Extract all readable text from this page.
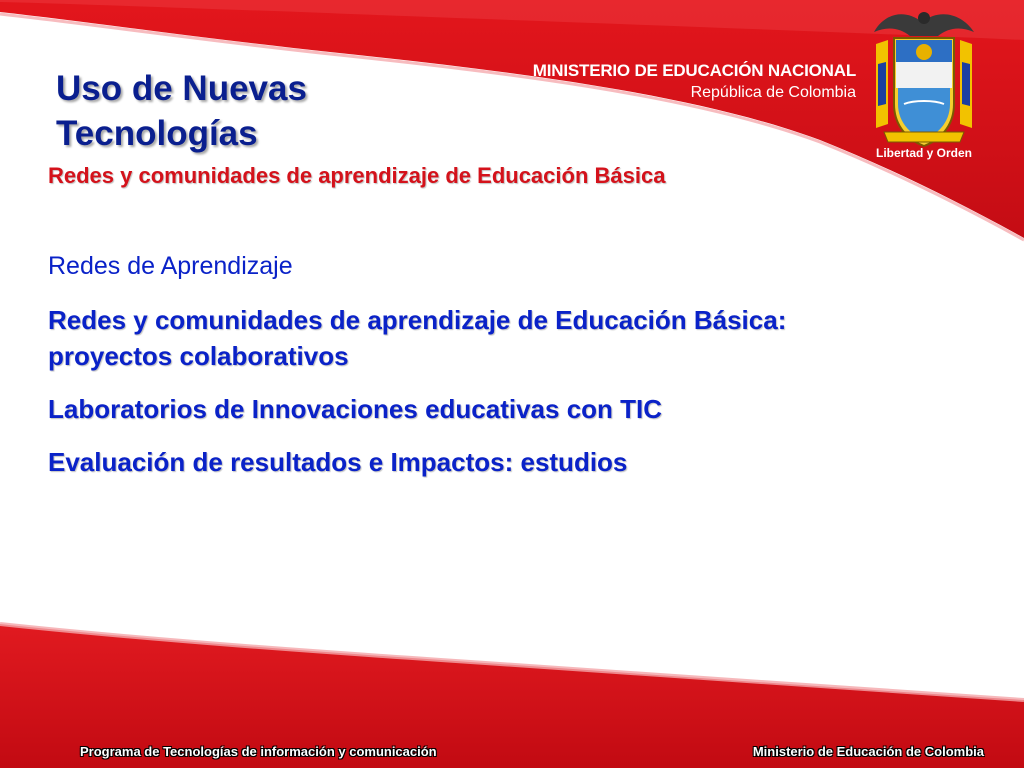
MINISTERIO DE EDUCACIÓN NACIONAL
República de Colombia
Libertad y Orden
Uso de Nuevas
Tecnologías

Redes y comunidades de aprendizaje de Educación Básica

Redes de Aprendizaje
Redes y comunidades de aprendizaje de Educación Básica: proyectos colaborativos
Laboratorios de Innovaciones educativas con TIC
Evaluación de resultados e Impactos: estudios
Programa de Tecnologías de información y comunicación	Ministerio de Educación de Colombia
